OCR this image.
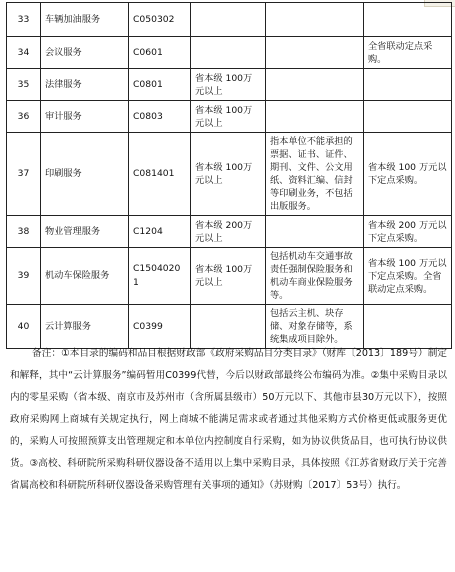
33	车辆加油服务	C050302			
34	会议服务	C0601			全省联动定点采购。
35	法律服务	C0801	省本级 100万元以上		
36	审计服务	C0803	省本级 100万元以上		
37	印刷服务	C081401	省本级 100万元以上	指本单位不能承担的票据、证书、证件、期刊、文件、公文用纸、资料汇编、信封等印刷业务，不包括出版服务。	省本级 100 万元以下定点采购。
38	物业管理服务	C1204	省本级 200万元以上		省本级 200 万元以下定点采购。
39	机动车保险服务	C15040201	省本级 100万元以上	包括机动车交通事故责任强制保险服务和机动车商业保险服务等。	省本级 100 万元以下定点采购。全省联动定点采购。
40	云计算服务	C0399		包括云主机、块存储、对象存储等，系统集成项目除外。	

备注：①本目录的编码和品目根据财政部《政府采购品目分类目录》（财库〔2013〕189号）制定和解释，其中“云计算服务”编码暂用C0399代替，今后以财政部最终公布编码为准。②集中采购目录以内的零星采购（省本级、南京市及苏州市（含所属县级市）50万元以下、其他市县30万元以下），按照政府采购网上商城有关规定执行，网上商城不能满足需求或者通过其他采购方式价格更低或服务更优的，采购人可按照预算支出管理规定和本单位内控制度自行采购，如为协议供货品目，也可执行协议供货。③高校、科研院所采购科研仪器设备不适用以上集中采购目录，具体按照《江苏省财政厅关于完善省属高校和科研院所科研仪器设备采购管理有关事项的通知》（苏财购〔2017〕53号）执行。
